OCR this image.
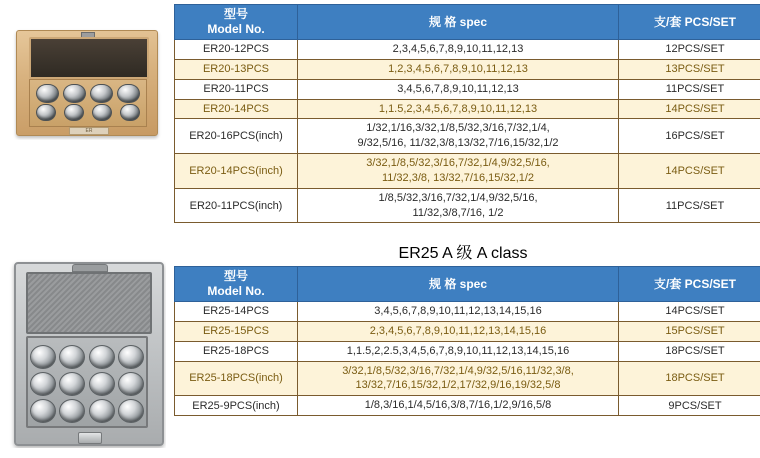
ER
型号
Model No.	规 格 spec	支/套 PCS/SET
ER20-12PCS	2,3,4,5,6,7,8,9,10,11,12,13	12PCS/SET
ER20-13PCS	1,2,3,4,5,6,7,8,9,10,11,12,13	13PCS/SET
ER20-11PCS	3,4,5,6,7,8,9,10,11,12,13	11PCS/SET
ER20-14PCS	1,1.5,2,3,4,5,6,7,8,9,10,11,12,13	14PCS/SET
ER20-16PCS(inch)	1/32,1/16,3/32,1/8,5/32,3/16,7/32,1/4,
9/32,5/16, 11/32,3/8,13/32,7/16,15/32,1/2	16PCS/SET
ER20-14PCS(inch)	3/32,1/8,5/32,3/16,7/32,1/4,9/32,5/16,
11/32,3/8, 13/32,7/16,15/32,1/2	14PCS/SET
ER20-11PCS(inch)	1/8,5/32,3/16,7/32,1/4,9/32,5/16,
11/32,3/8,7/16, 1/2	11PCS/SET
ER25 A 级 A class
型号
Model No.	规 格 spec	支/套 PCS/SET
ER25-14PCS	3,4,5,6,7,8,9,10,11,12,13,14,15,16	14PCS/SET
ER25-15PCS	2,3,4,5,6,7,8,9,10,11,12,13,14,15,16	15PCS/SET
ER25-18PCS	1,1.5,2,2.5,3,4,5,6,7,8,9,10,11,12,13,14,15,16	18PCS/SET
ER25-18PCS(inch)	3/32,1/8,5/32,3/16,7/32,1/4,9/32,5/16,11/32,3/8,
13/32,7/16,15/32,1/2,17/32,9/16,19/32,5/8	18PCS/SET
ER25-9PCS(inch)	1/8,3/16,1/4,5/16,3/8,7/16,1/2,9/16,5/8	9PCS/SET
